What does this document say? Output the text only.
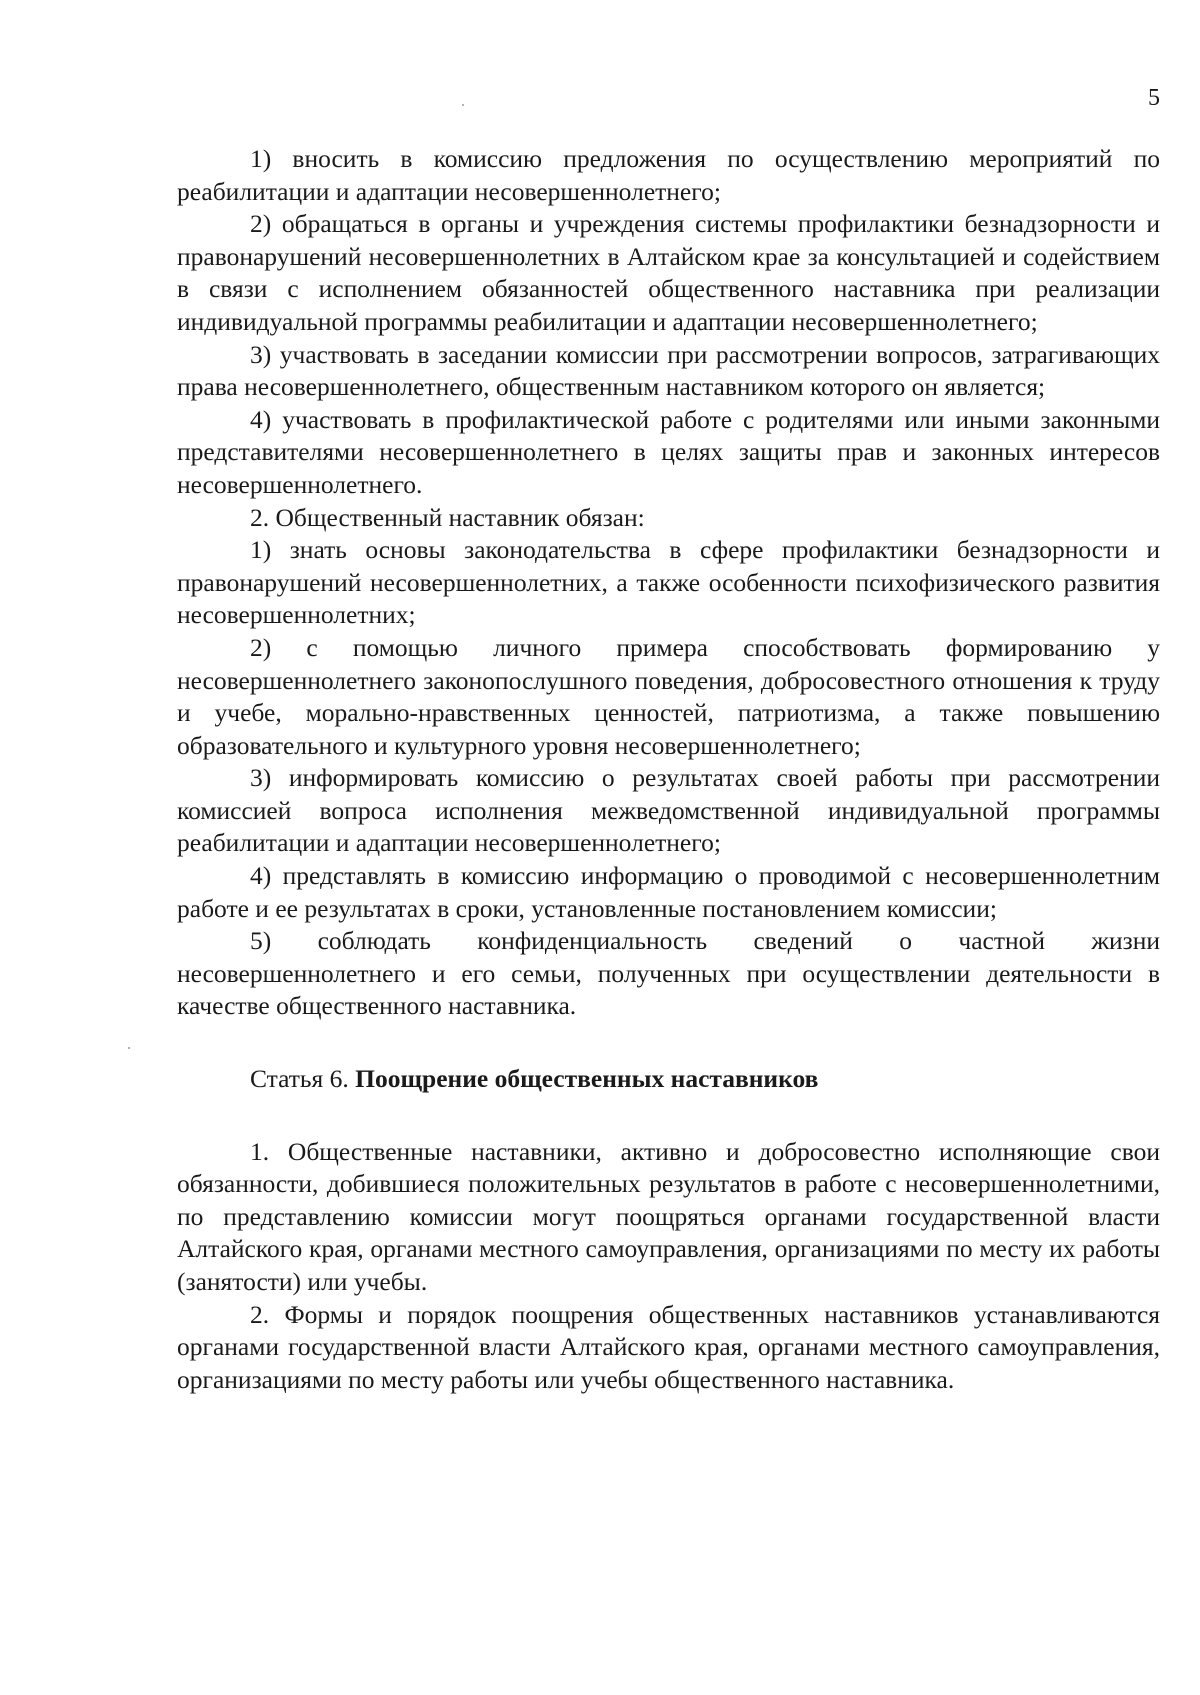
5

1) вносить в комиссию предложения по осуществлению мероприятий по реабилитации и адаптации несовершеннолетнего;

2) обращаться в органы и учреждения системы профилактики безнадзорности и правонарушений несовершеннолетних в Алтайском крае за консультацией и содействием в связи с исполнением обязанностей общественного наставника при реализации индивидуальной программы реабилитации и адаптации несовершеннолетнего;

3) участвовать в заседании комиссии при рассмотрении вопросов, затрагивающих права несовершеннолетнего, общественным наставником которого он является;

4) участвовать в профилактической работе с родителями или иными законными представителями несовершеннолетнего в целях защиты прав и законных интересов несовершеннолетнего.

2. Общественный наставник обязан:

1) знать основы законодательства в сфере профилактики безнадзорности и правонарушений несовершеннолетних, а также особенности психофизического развития несовершеннолетних;

2) с помощью личного примера способствовать формированию у несовершеннолетнего законопослушного поведения, добросовестного отношения к труду и учебе, морально-нравственных ценностей, патриотизма, а также повышению образовательного и культурного уровня несовершеннолетнего;

3) информировать комиссию о результатах своей работы при рассмотрении комиссией вопроса исполнения межведомственной индивидуальной программы реабилитации и адаптации несовершеннолетнего;

4) представлять в комиссию информацию о проводимой с несовершеннолетним работе и ее результатах в сроки, установленные постановлением комиссии;

5) соблюдать конфиденциальность сведений о частной жизни несовершеннолетнего и его семьи, полученных при осуществлении деятельности в качестве общественного наставника.

Статья 6. Поощрение общественных наставников

1. Общественные наставники, активно и добросовестно исполняющие свои обязанности, добившиеся положительных результатов в работе с несовершеннолетними, по представлению комиссии могут поощряться органами государственной власти Алтайского края, органами местного самоуправления, организациями по месту их работы (занятости) или учебы.

2. Формы и порядок поощрения общественных наставников устанавливаются органами государственной власти Алтайского края, органами местного самоуправления, организациями по месту работы или учебы общественного наставника.
